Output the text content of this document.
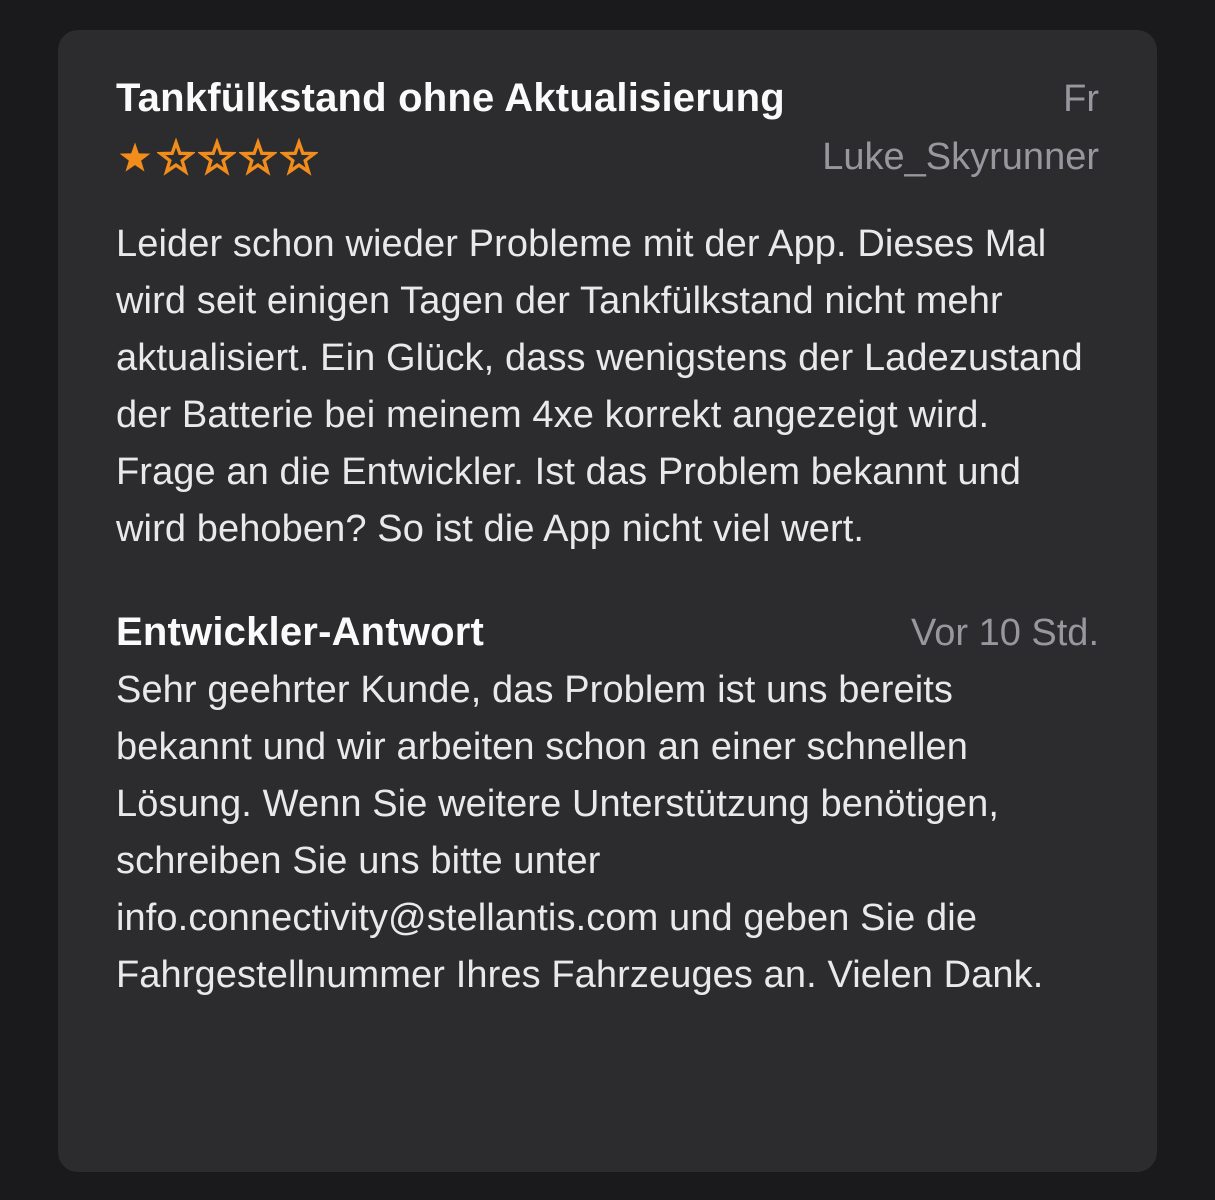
Tankfülkstand ohne Aktualisierung	Fr
Luke_Skyrunner
Leider schon wieder Probleme mit der App. Dieses Mal wird seit einigen Tagen der Tankfülkstand nicht mehr aktualisiert. Ein Glück, dass wenigstens der Ladezustand der Batterie bei meinem 4xe korrekt angezeigt wird. Frage an die Entwickler. Ist das Problem bekannt und wird behoben? So ist die App nicht viel wert.
Entwickler-Antwort	Vor 10 Std.
Sehr geehrter Kunde, das Problem ist uns bereits bekannt und wir arbeiten schon an einer schnellen Lösung. Wenn Sie weitere Unterstützung benötigen, schreiben Sie uns bitte unter info.connectivity@stellantis.com und geben Sie die Fahrgestellnummer Ihres Fahrzeuges an. Vielen Dank.
